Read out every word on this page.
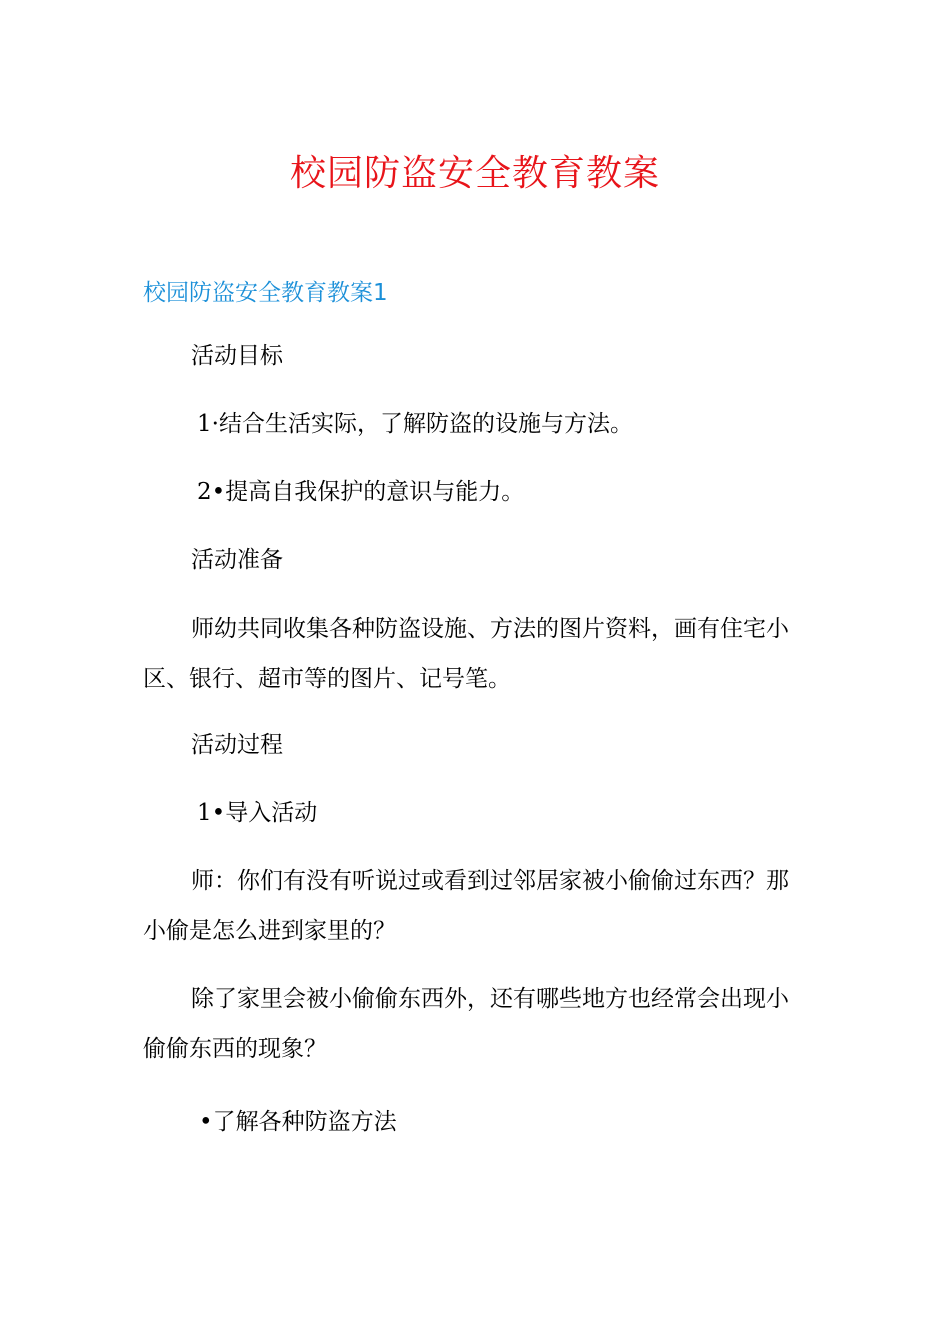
校园防盗安全教育教案
校园防盗安全教育教案1
活动目标
1·结合生活实际，了解防盗的设施与方法。
2•提高自我保护的意识与能力。
活动准备
师幼共同收集各种防盗设施、方法的图片资料，画有住宅小区、银行、超市等的图片、记号笔。
活动过程
1•导入活动
师：你们有没有听说过或看到过邻居家被小偷偷过东西？那小偷是怎么进到家里的？
除了家里会被小偷偷东西外，还有哪些地方也经常会出现小偷偷东西的现象？
•了解各种防盗方法
